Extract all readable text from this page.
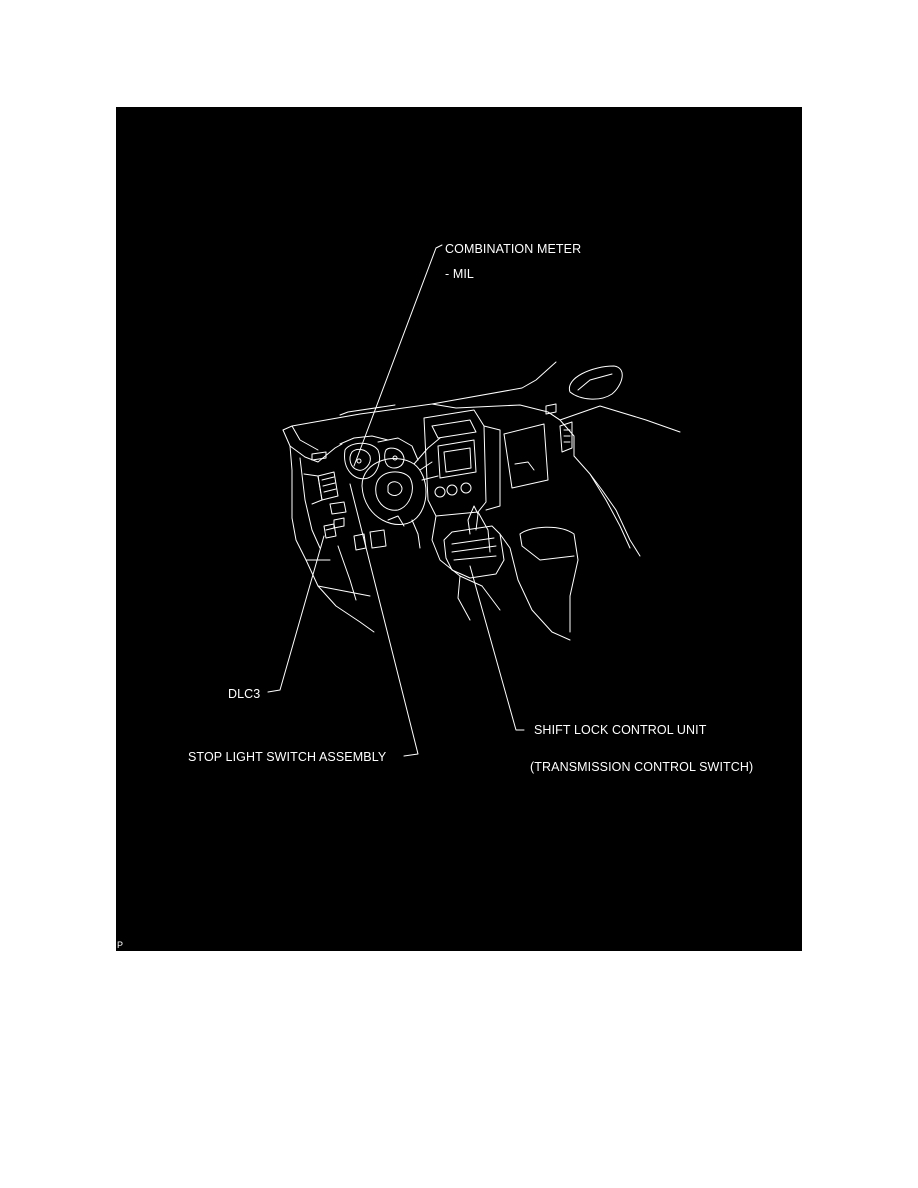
COMBINATION METER
- MIL
DLC3
STOP LIGHT SWITCH ASSEMBLY
SHIFT LOCK CONTROL UNIT
(TRANSMISSION CONTROL SWITCH)
P
